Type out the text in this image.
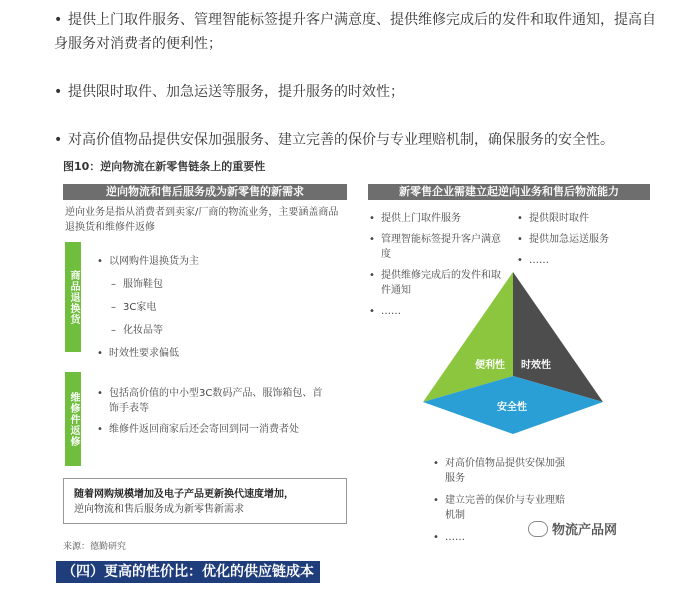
• 提供上门取件服务、管理智能标签提升客户满意度、提供维修完成后的发件和取件通知，提高自身服务对消费者的便利性；
• 提供限时取件、加急运送等服务，提升服务的时效性；
• 对高价值物品提供安保加强服务、建立完善的保价与专业理赔机制，确保服务的安全性。
图10：逆向物流在新零售链条上的重要性
逆向物流和售后服务成为新零售的新需求	新零售企业需建立起逆向业务和售后物流能力
逆向业务是指从消费者到卖家/厂商的物流业务，主要涵盖商品退换货和维修件返修
商品退换货
• 以网购件退换货为主
– 服饰鞋包
– 3C家电
– 化妆品等
• 时效性要求偏低
维修件返修 • 包括高价值的中小型3C数码产品、服饰箱包、首饰手表等
• 维修件返回商家后还会寄回到同一消费者处
随着网购规模增加及电子产品更新换代速度增加，
逆向物流和售后服务成为新零售新需求
来源：德勤研究
• 提供上门取件服务
• 管理智能标签提升客户满意度
• 提供维修完成后的发件和取件通知
• ……
• 提供限时取件
• 提供加急运送服务
• ……
便利性 时效性
安全性
• 对高价值物品提供安保加强服务
• 建立完善的保价与专业理赔机制
• ……	物流产品网
（四）更高的性价比：优化的供应链成本
